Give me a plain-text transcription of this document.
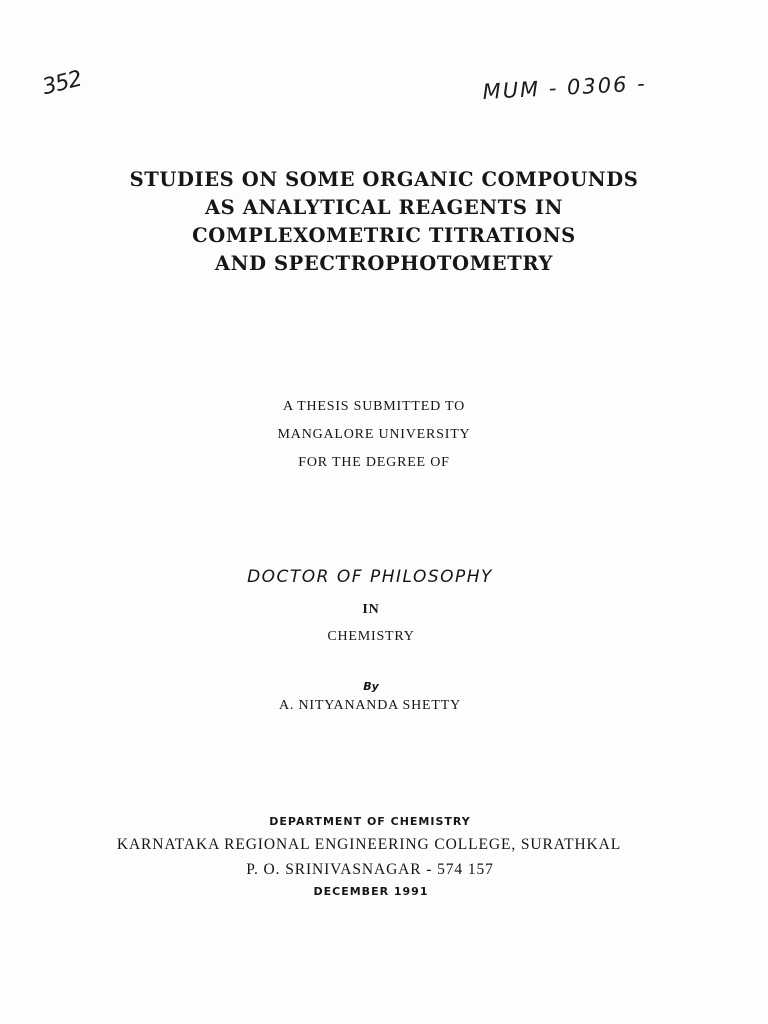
352	MUM - 0306 -
STUDIES ON SOME ORGANIC COMPOUNDS
AS ANALYTICAL REAGENTS IN
COMPLEXOMETRIC TITRATIONS
AND SPECTROPHOTOMETRY
A THESIS SUBMITTED TO
MANGALORE UNIVERSITY
FOR THE DEGREE OF
DOCTOR OF PHILOSOPHY
IN
CHEMISTRY
By
A. NITYANANDA SHETTY
DEPARTMENT OF CHEMISTRY
KARNATAKA REGIONAL ENGINEERING COLLEGE, SURATHKAL
P. O. SRINIVASNAGAR - 574 157
DECEMBER 1991
